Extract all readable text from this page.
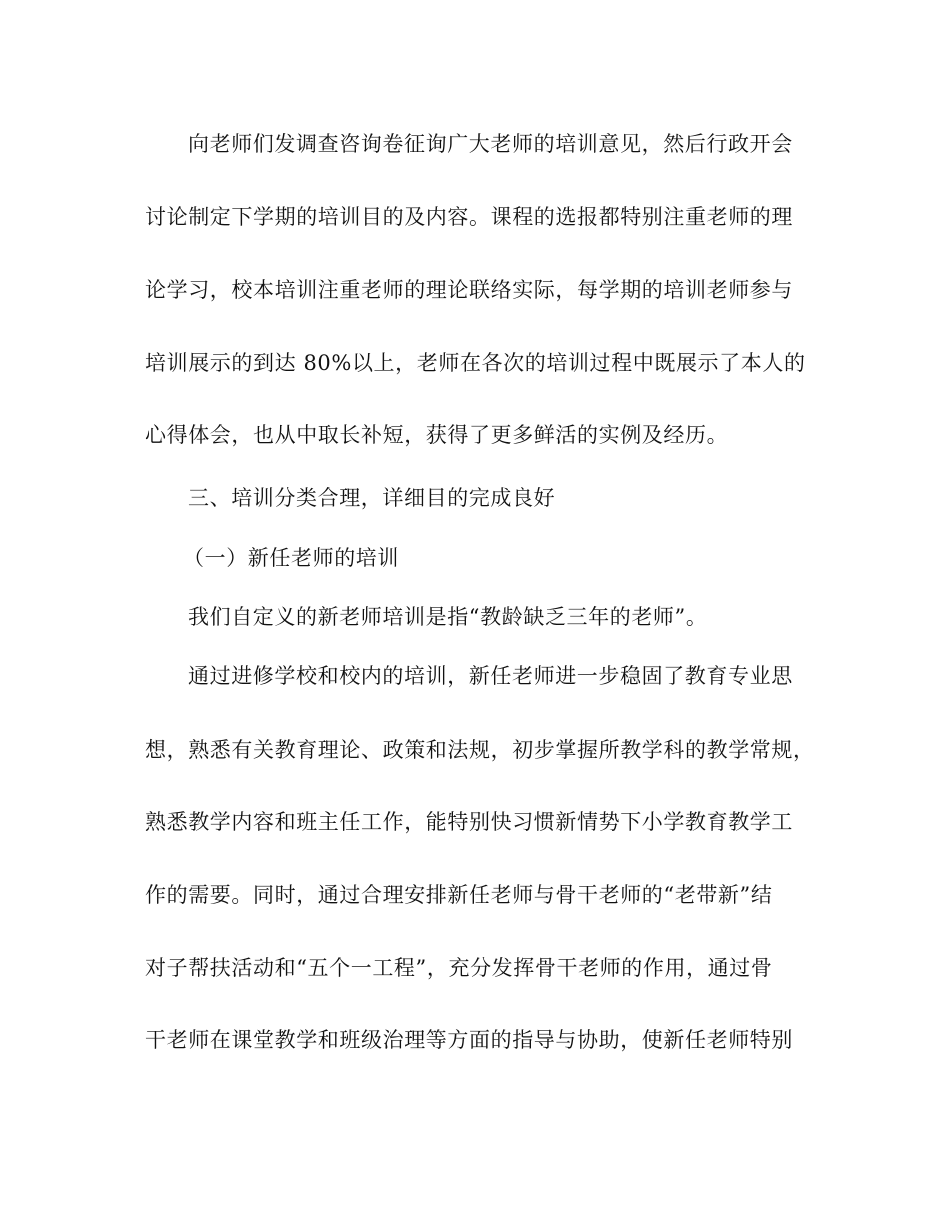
向老师们发调查咨询卷征询广大老师的培训意见，然后行政开会
讨论制定下学期的培训目的及内容。课程的选报都特别注重老师的理
论学习，校本培训注重老师的理论联络实际，每学期的培训老师参与
培训展示的到达 80%以上，老师在各次的培训过程中既展示了本人的
心得体会，也从中取长补短，获得了更多鲜活的实例及经历。
三、培训分类合理，详细目的完成良好
（一）新任老师的培训
我们自定义的新老师培训是指“教龄缺乏三年的老师”。
通过进修学校和校内的培训，新任老师进一步稳固了教育专业思
想，熟悉有关教育理论、政策和法规，初步掌握所教学科的教学常规，
熟悉教学内容和班主任工作，能特别快习惯新情势下小学教育教学工
作的需要。同时，通过合理安排新任老师与骨干老师的“老带新”结
对子帮扶活动和“五个一工程”，充分发挥骨干老师的作用，通过骨
干老师在课堂教学和班级治理等方面的指导与协助，使新任老师特别
